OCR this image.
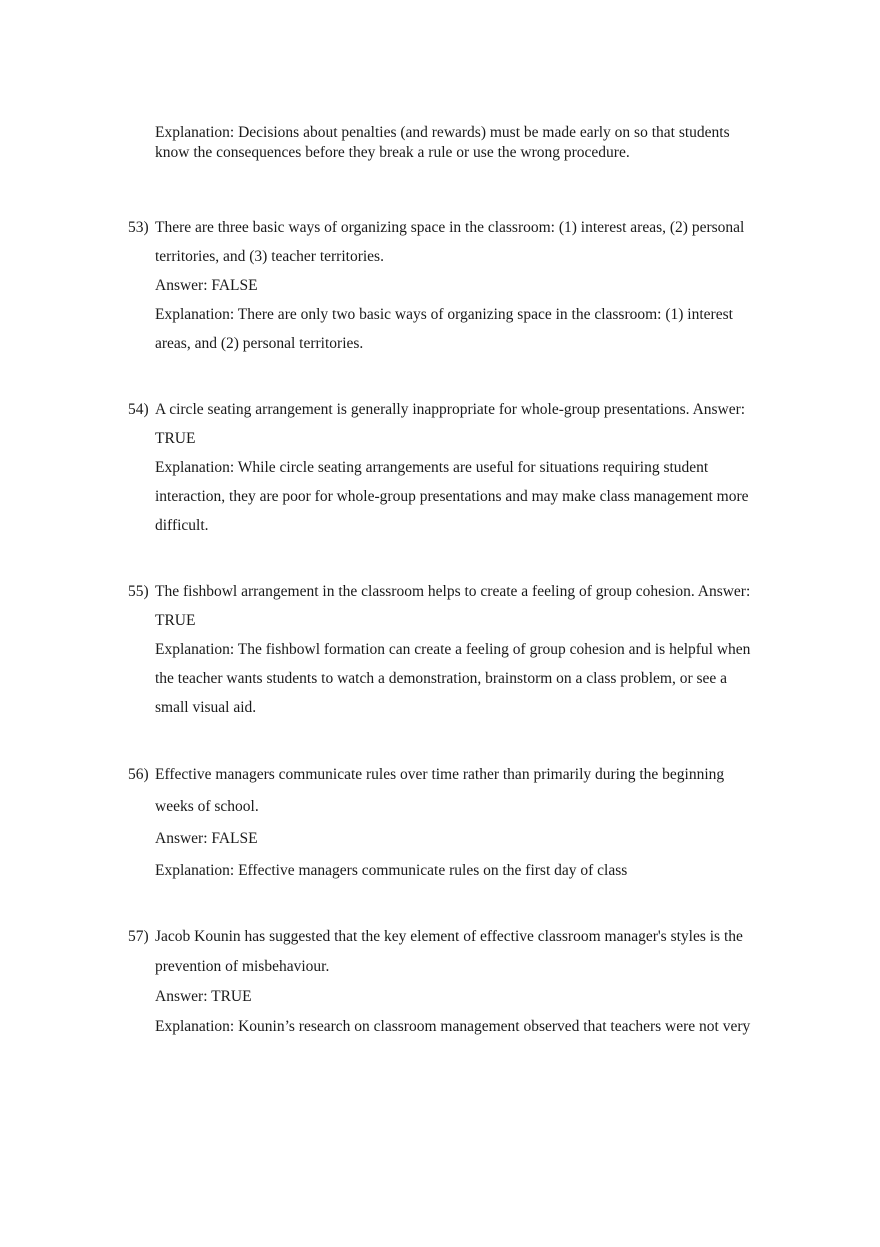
Explanation: Decisions about penalties (and rewards) must be made early on so that students
know the consequences before they break a rule or use the wrong procedure.
53) There are three basic ways of organizing space in the classroom: (1) interest areas, (2) personal

territories, and (3) teacher territories.

Answer: FALSE

Explanation: There are only two basic ways of organizing space in the classroom: (1) interest

areas, and (2) personal territories.

54) A circle seating arrangement is generally inappropriate for whole-group presentations. Answer:

TRUE

Explanation: While circle seating arrangements are useful for situations requiring student

interaction, they are poor for whole-group presentations and may make class management more

difficult.

55) The fishbowl arrangement in the classroom helps to create a feeling of group cohesion. Answer:

TRUE

Explanation: The fishbowl formation can create a feeling of group cohesion and is helpful when

the teacher wants students to watch a demonstration, brainstorm on a class problem, or see a

small visual aid.

56) Effective managers communicate rules over time rather than primarily during the beginning

weeks of school.

Answer: FALSE

Explanation: Effective managers communicate rules on the first day of class

57) Jacob Kounin has suggested that the key element of effective classroom manager's styles is the

prevention of misbehaviour.

Answer: TRUE

Explanation: Kounin’s research on classroom management observed that teachers were not very
